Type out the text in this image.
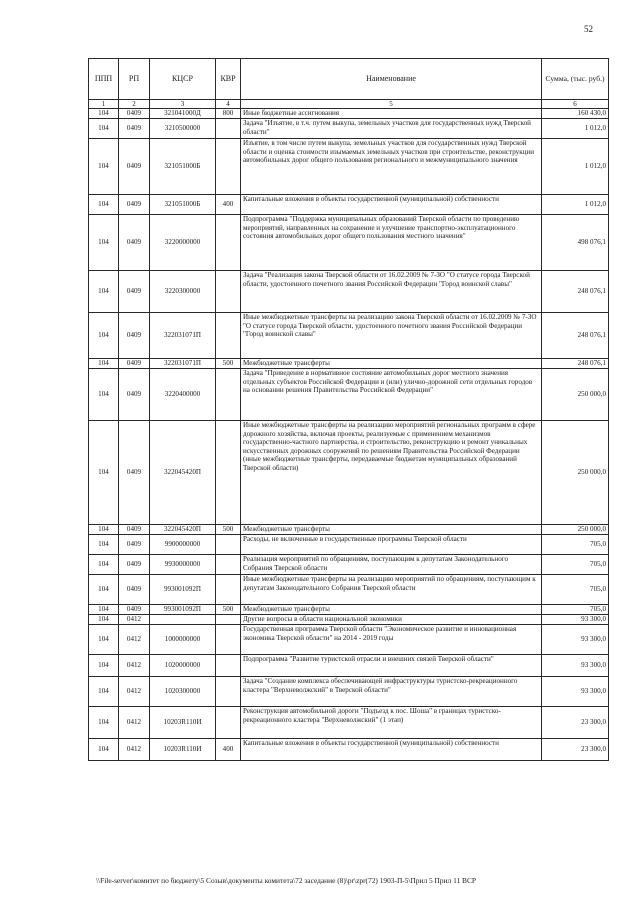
52
ППП	РП	КЦСР	КВР	Наименование	Сумма, (тыс. руб.)
1	2	3	4	5	6
104	0409	321041000Д	800	Иные бюджетные ассигнования	160 430,0
104	0409	3210500000		Задача "Изъятие, в т.ч. путем выкупа, земельных участков для государственных нужд Тверской области"	1 012,0
104	0409	321051000Б		Изъятие, в том числе путем выкупа, земельных участков для государственных нужд Тверской области и оценка стоимости изымаемых земельных участков при строительстве, реконструкции автомобильных дорог общего пользования регионального и межмуниципального значения	1 012,0
104	0409	321051000Б	400	Капитальные вложения в объекты государственной (муниципальной) собственности	1 012,0
104	0409	3220000000		Подпрограмма "Поддержка муниципальных образований Тверской области по проведению мероприятий, направленных на сохранение и улучшение транспортно-эксплуатационного состояния автомобильных дорог общего пользования местного значения"	498 076,1
104	0409	3220300000		Задача "Реализация закона Тверской области от 16.02.2009 № 7-ЗО "О статусе города Тверской области, удостоенного почетного звания Российской Федерации "Город воинской славы"	248 076,1
104	0409	322031071П		Иные межбюджетные трансферты на реализацию закона Тверской области от 16.02.2009 № 7-ЗО "О статусе города Тверской области, удостоенного почетного звания Российской Федерации "Город воинской славы"	248 076,1
104	0409	322031071П	500	Межбюджетные трансферты	248 076,1
104	0409	3220400000		Задача "Приведение в нормативное состояние автомобильных дорог местного значения отдельных субъектов Российской Федерации и (или) улично-дорожной сети отдельных городов на основании решения Правительства Российской Федерации"	250 000,0
104	0409	322045420П		Иные межбюджетные трансферты на реализацию мероприятий региональных программ в сфере дорожного хозяйства, включая проекты, реализуемые с применением механизмов государственно-частного партнерства, и строительство, реконструкцию и ремонт уникальных искусственных дорожных сооружений по решениям Правительства Российской Федерации (иные межбюджетные трансферты, передаваемые бюджетам муниципальных образований Тверской области)	250 000,0
104	0409	322045420П	500	Межбюджетные трансферты	250 000,0
104	0409	9900000000		Расходы, не включенные в государственные программы Тверской области	705,0
104	0409	9930000000		Реализация мероприятий по обращениям, поступающим к депутатам Законодательного Собрания Тверской области	705,0
104	0409	993001092П		Иные межбюджетные трансферты на реализацию мероприятий по обращениям, поступающим к депутатам Законодательного Собрания Тверской области	705,0
104	0409	993001092П	500	Межбюджетные трансферты	705,0
104	0412			Другие вопросы в области национальной экономики	93 300,0
104	0412	1000000000		Государственная программа Тверской области "Экономическое развитие и инновационная экономика Тверской области" на 2014 - 2019 годы	93 300,0
104	0412	1020000000		Подпрограмма "Развитие туристской отрасли и внешних связей Тверской области"	93 300,0
104	0412	1020300000		Задача "Создание комплекса обеспечивающей инфраструктуры туристско-рекреационного кластера "Верхневолжский" в Тверской области"	93 300,0
104	0412	10203R110И		Реконструкция автомобильной дороги "Подъезд к пос. Шоша" в границах туристско-рекреационного кластера "Верхневолжский" (1 этап)	23 300,0
104	0412	10203R110И	400	Капитальные вложения в объекты государственной (муниципальной) собственности	23 300,0
\\File-server\комитет по бюджету\5 Созыв\документы комитета\72 заседание (8)\pr\zpr(72) 1903-П-5\Прил 5 Прил 11 ВСР
